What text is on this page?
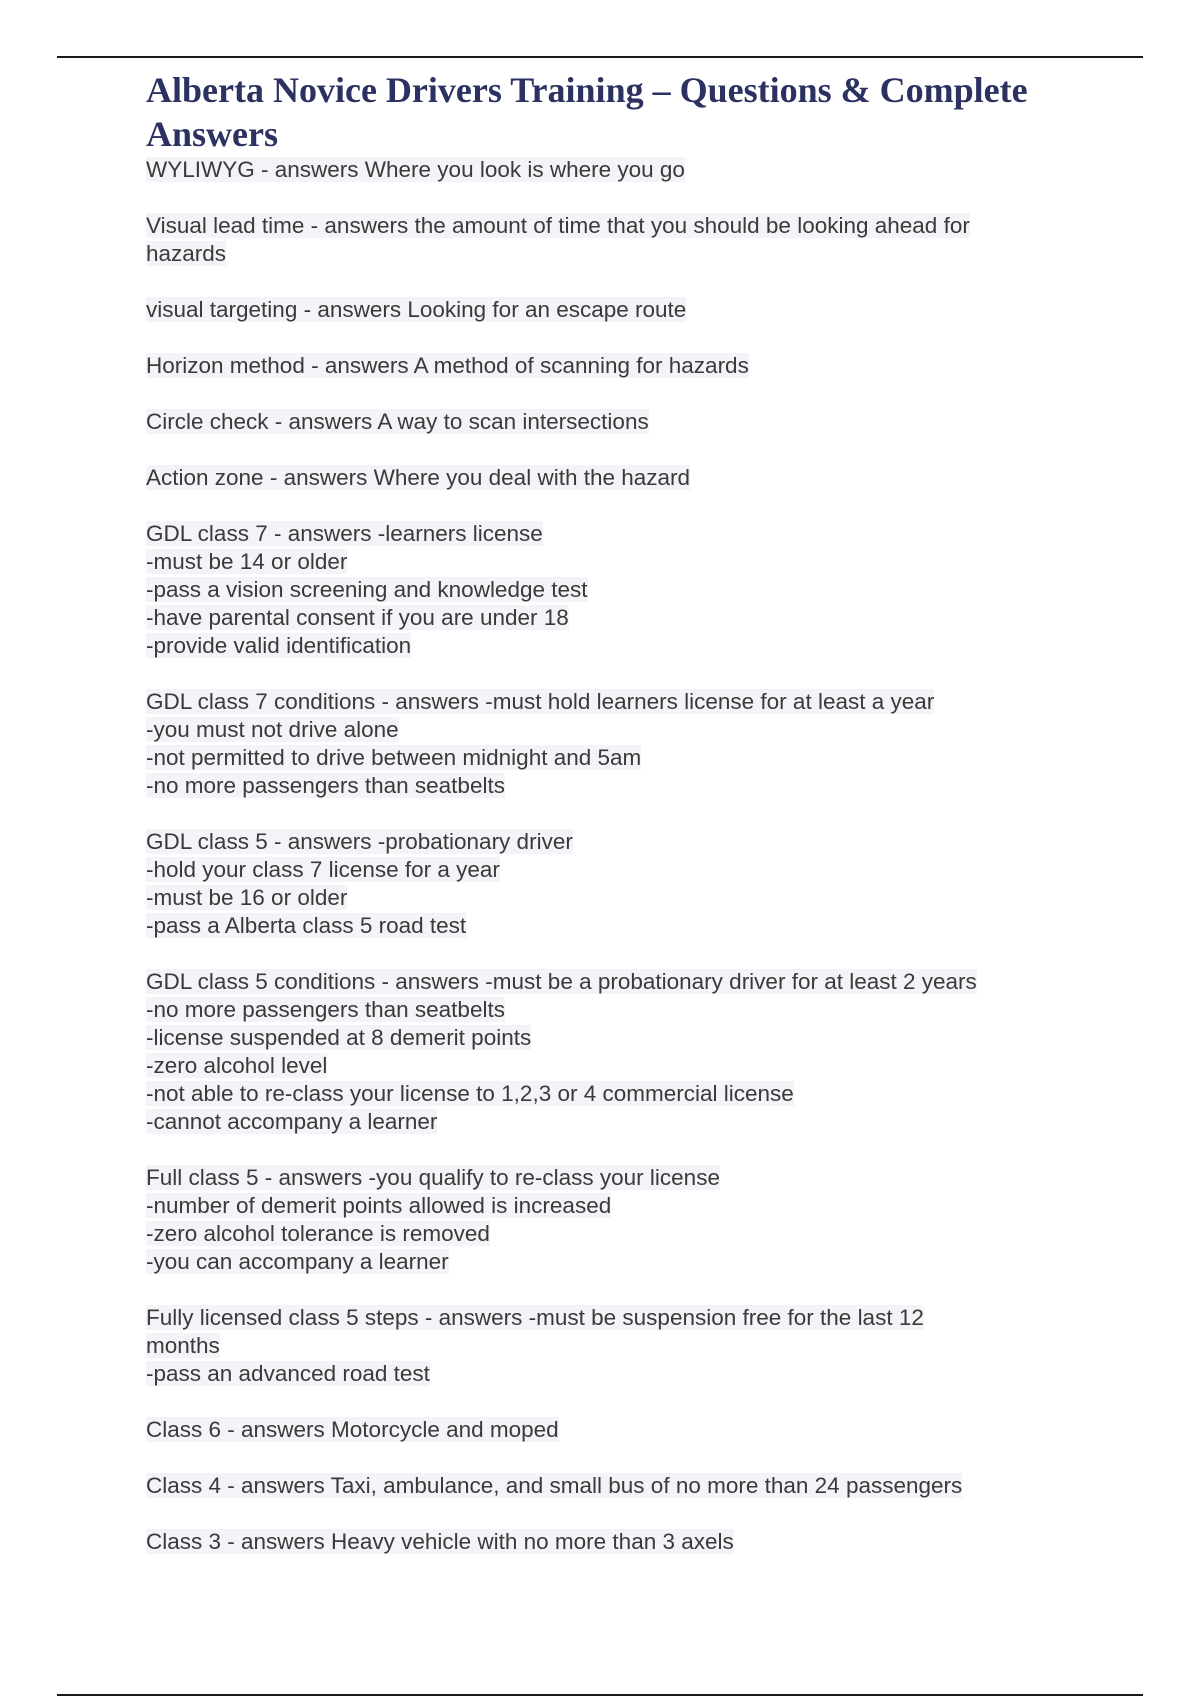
Alberta Novice Drivers Training – Questions & Complete Answers
WYLIWYG - answers Where you look is where you go
Visual lead time - answers the amount of time that you should be looking ahead for
hazards
visual targeting - answers Looking for an escape route
Horizon method - answers A method of scanning for hazards
Circle check - answers A way to scan intersections
Action zone - answers Where you deal with the hazard
GDL class 7 - answers -learners license
-must be 14 or older
-pass a vision screening and knowledge test
-have parental consent if you are under 18
-provide valid identification
GDL class 7 conditions - answers -must hold learners license for at least a year
-you must not drive alone
-not permitted to drive between midnight and 5am
-no more passengers than seatbelts
GDL class 5 - answers -probationary driver
-hold your class 7 license for a year
-must be 16 or older
-pass a Alberta class 5 road test
GDL class 5 conditions - answers -must be a probationary driver for at least 2 years
-no more passengers than seatbelts
-license suspended at 8 demerit points
-zero alcohol level
-not able to re-class your license to 1,2,3 or 4 commercial license
-cannot accompany a learner
Full class 5 - answers -you qualify to re-class your license
-number of demerit points allowed is increased
-zero alcohol tolerance is removed
-you can accompany a learner
Fully licensed class 5 steps - answers -must be suspension free for the last 12
months
-pass an advanced road test
Class 6 - answers Motorcycle and moped
Class 4 - answers Taxi, ambulance, and small bus of no more than 24 passengers
Class 3 - answers Heavy vehicle with no more than 3 axels
